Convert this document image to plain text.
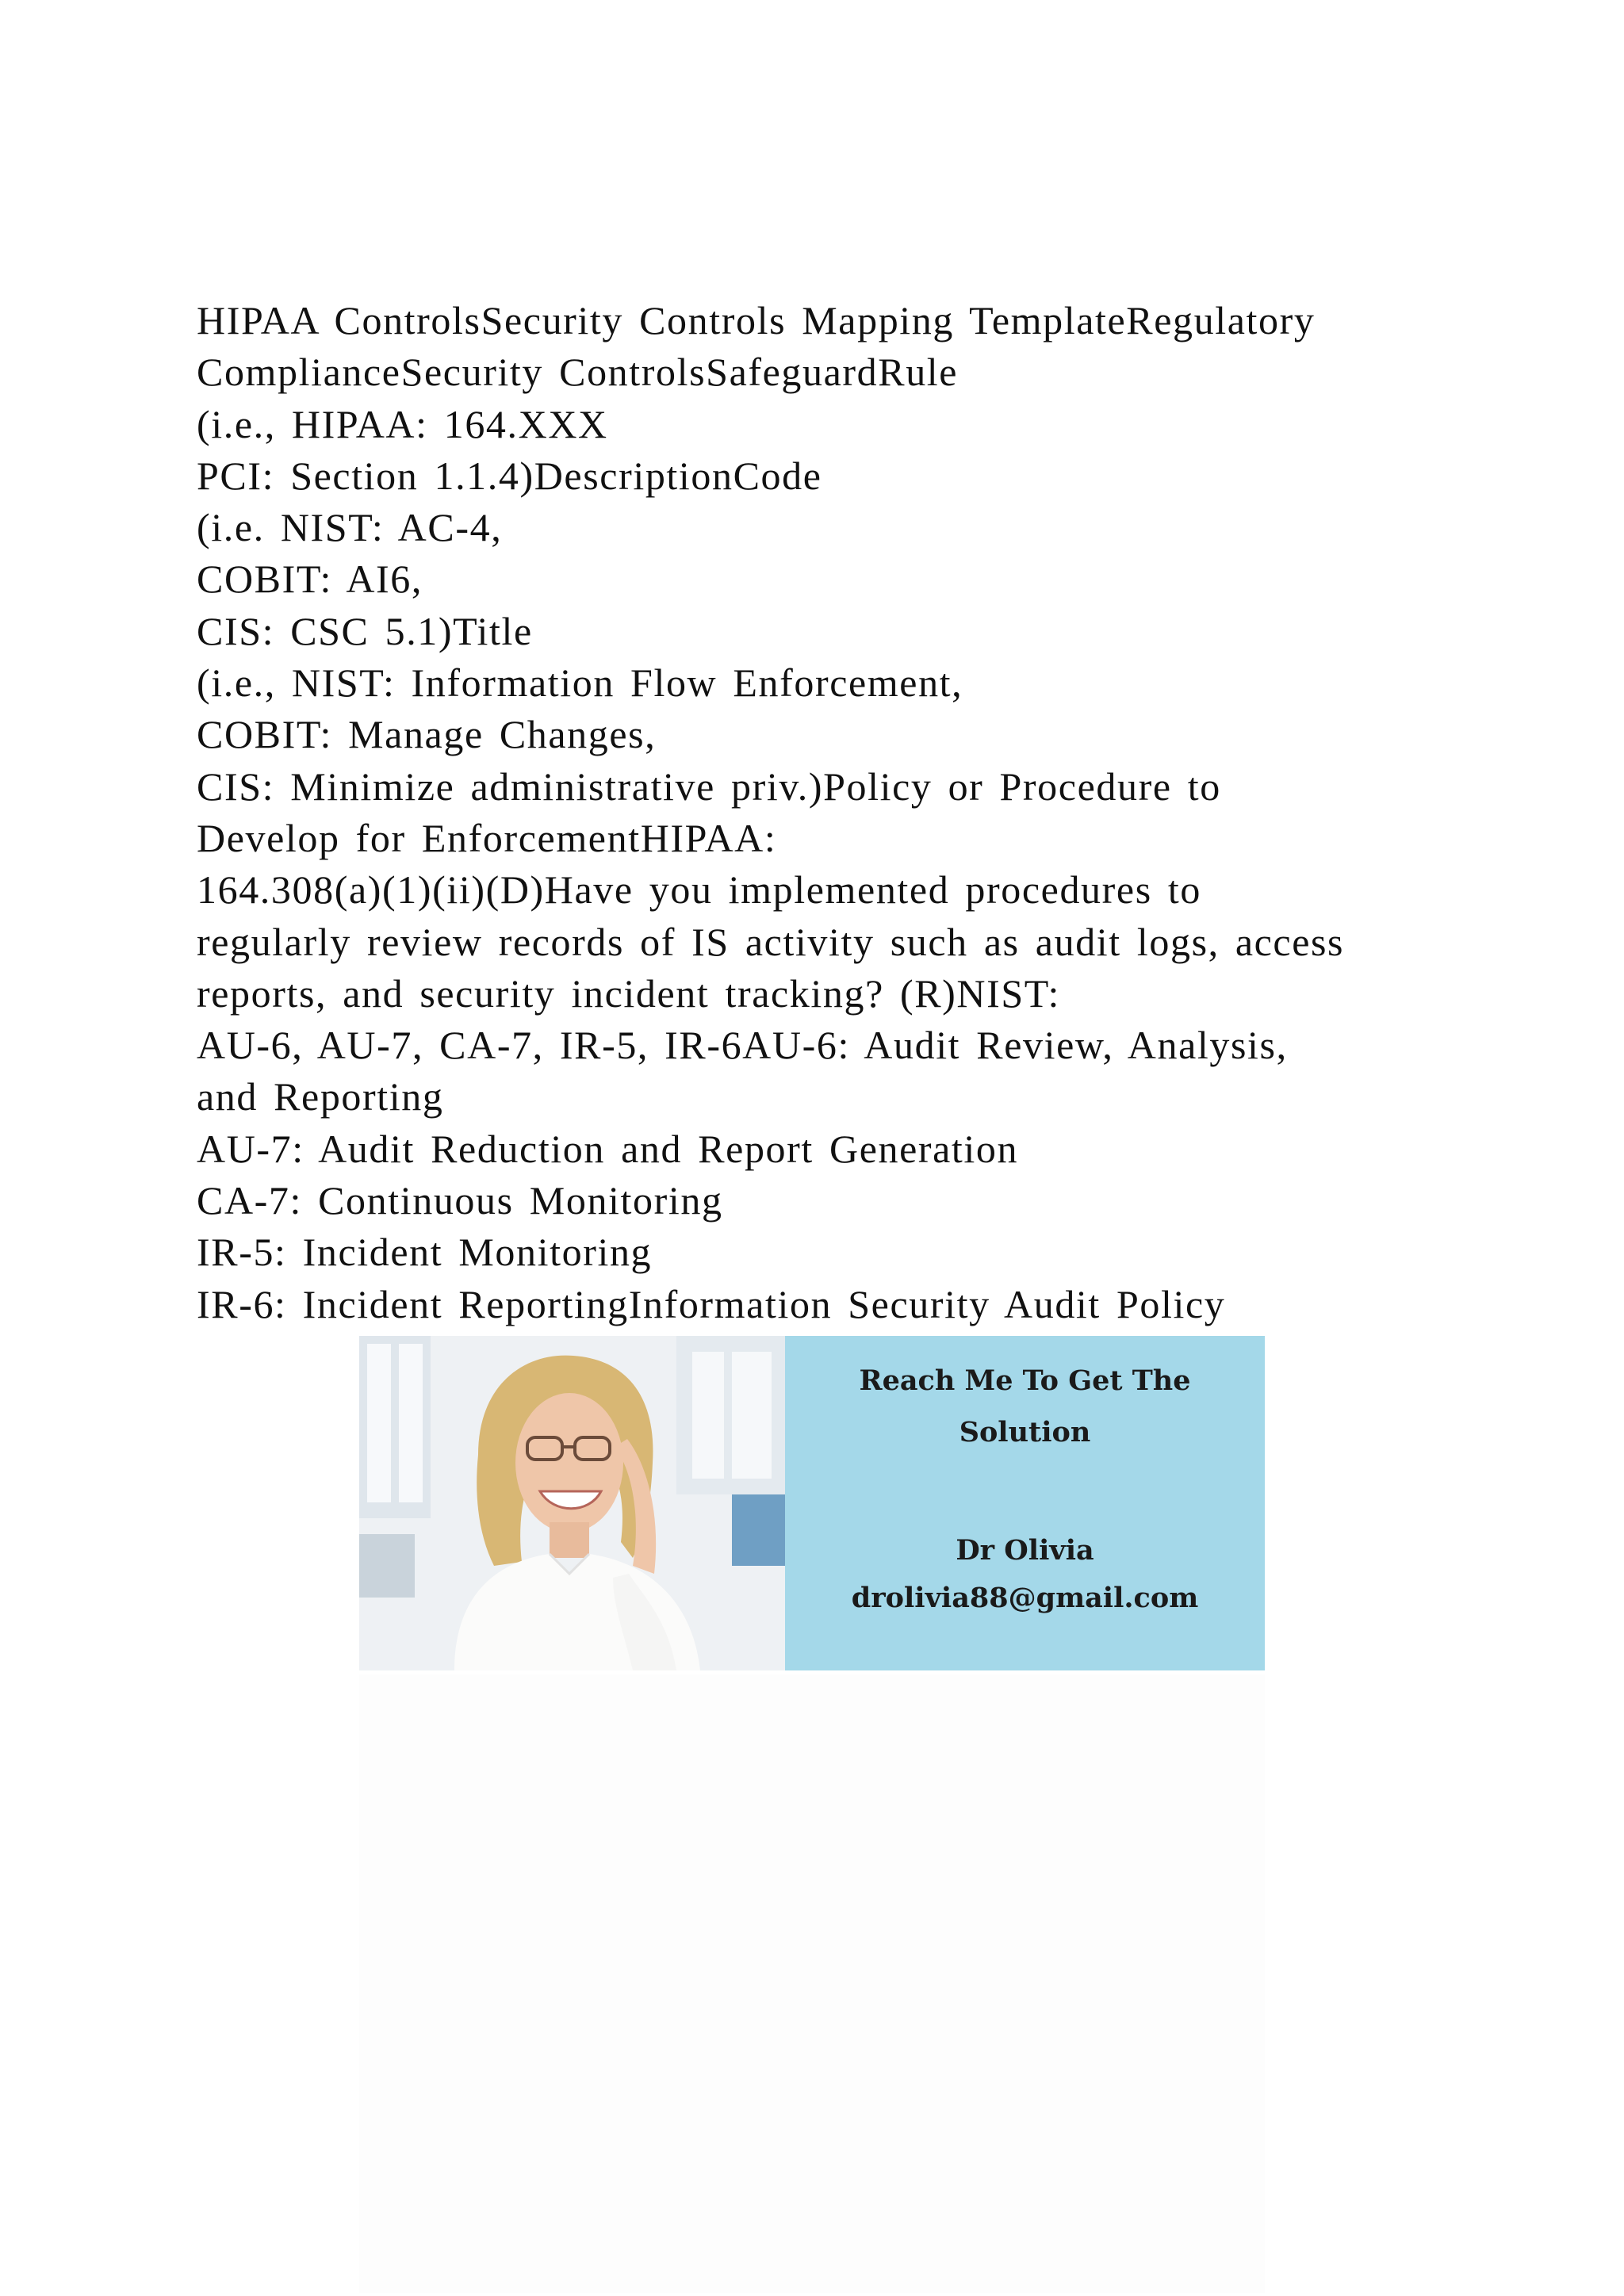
HIPAA ControlsSecurity Controls Mapping TemplateRegulatory
ComplianceSecurity ControlsSafeguardRule
(i.e., HIPAA: 164.XXX
PCI: Section 1.1.4)DescriptionCode
(i.e. NIST: AC-4,
COBIT: AI6,
CIS: CSC 5.1)Title
(i.e., NIST: Information Flow Enforcement,
COBIT: Manage Changes,
CIS: Minimize administrative priv.)Policy or Procedure to
Develop for EnforcementHIPAA:
164.308(a)(1)(ii)(D)Have you implemented procedures to
regularly review records of IS activity such as audit logs, access
reports, and security incident tracking? (R)NIST:
AU-6, AU-7, CA-7, IR-5, IR-6AU-6: Audit Review, Analysis,
and Reporting
AU-7: Audit Reduction and Report Generation
CA-7: Continuous Monitoring
IR-5: Incident Monitoring
IR-6: Incident ReportingInformation Security Audit Policy
Reach Me To Get The
Solution
Dr Olivia
drolivia88@gmail.com
